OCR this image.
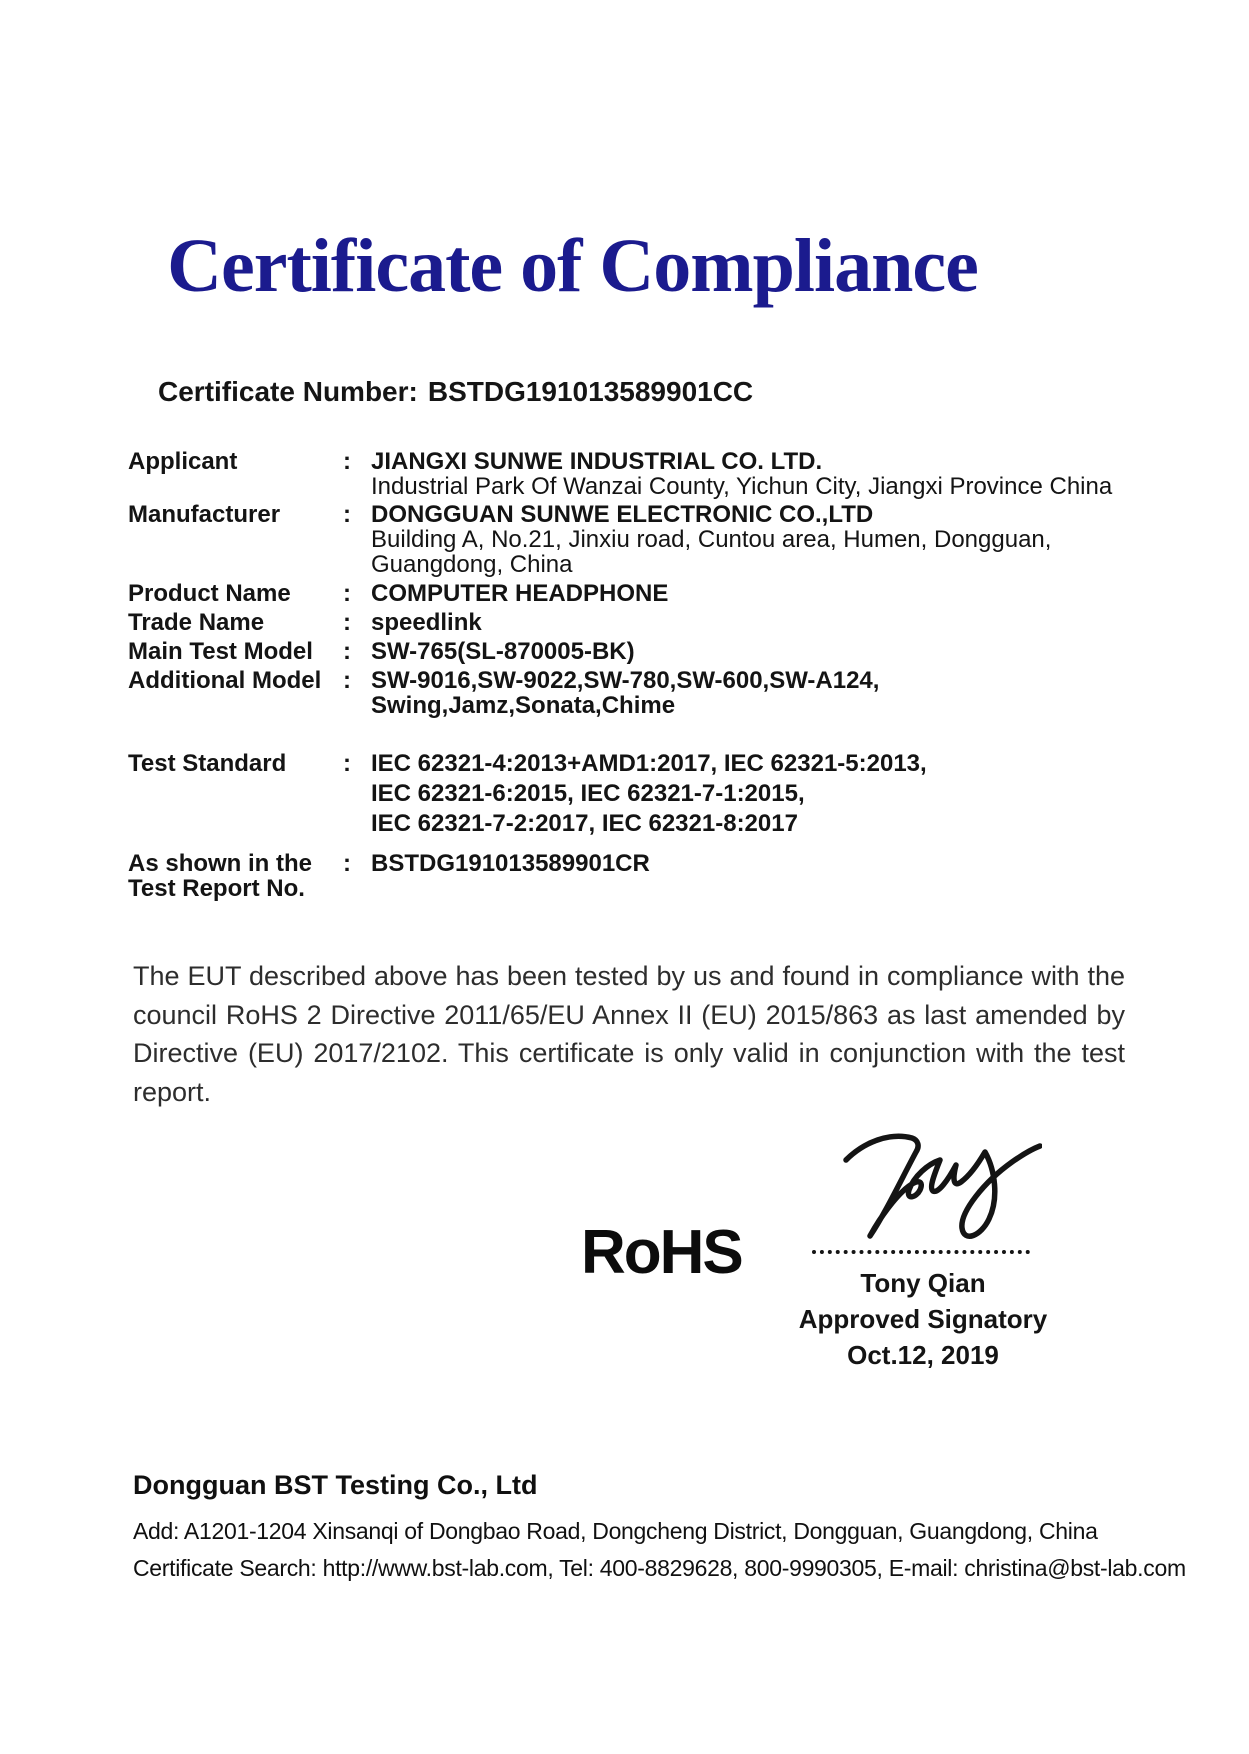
Certificate of Compliance
Certificate Number: BSTDG191013589901CC
Applicant	: JIANGXI SUNWE INDUSTRIAL CO. LTD.
Industrial Park Of Wanzai County, Yichun City, Jiangxi Province China
Manufacturer	: DONGGUAN SUNWE ELECTRONIC CO.,LTD
Building A, No.21, Jinxiu road, Cuntou area, Humen, Dongguan,
Guangdong, China
Product Name	: COMPUTER HEADPHONE
Trade Name	: speedlink
Main Test Model	: SW-765(SL-870005-BK)
Additional Model : SW-9016,SW-9022,SW-780,SW-600,SW-A124,
Swing,Jamz,Sonata,Chime
Test Standard	: IEC 62321-4:2013+AMD1:2017, IEC 62321-5:2013,
IEC 62321-6:2015, IEC 62321-7-1:2015,
IEC 62321-7-2:2017, IEC 62321-8:2017
As shown in the
Test Report No.
: BSTDG191013589901CR
The EUT described above has been tested by us and found in compliance with the council RoHS 2 Directive 2011/65/EU Annex II (EU) 2015/863 as last amended by Directive (EU) 2017/2102. This certificate is only valid in conjunction with the test report.
RoHS	Tony Qian
Approved Signatory
Oct.12, 2019
Dongguan BST Testing Co., Ltd
Add: A1201-1204 Xinsanqi of Dongbao Road, Dongcheng District, Dongguan, Guangdong, China
Certificate Search: http://www.bst-lab.com, Tel: 400-8829628, 800-9990305, E-mail: christina@bst-lab.com
